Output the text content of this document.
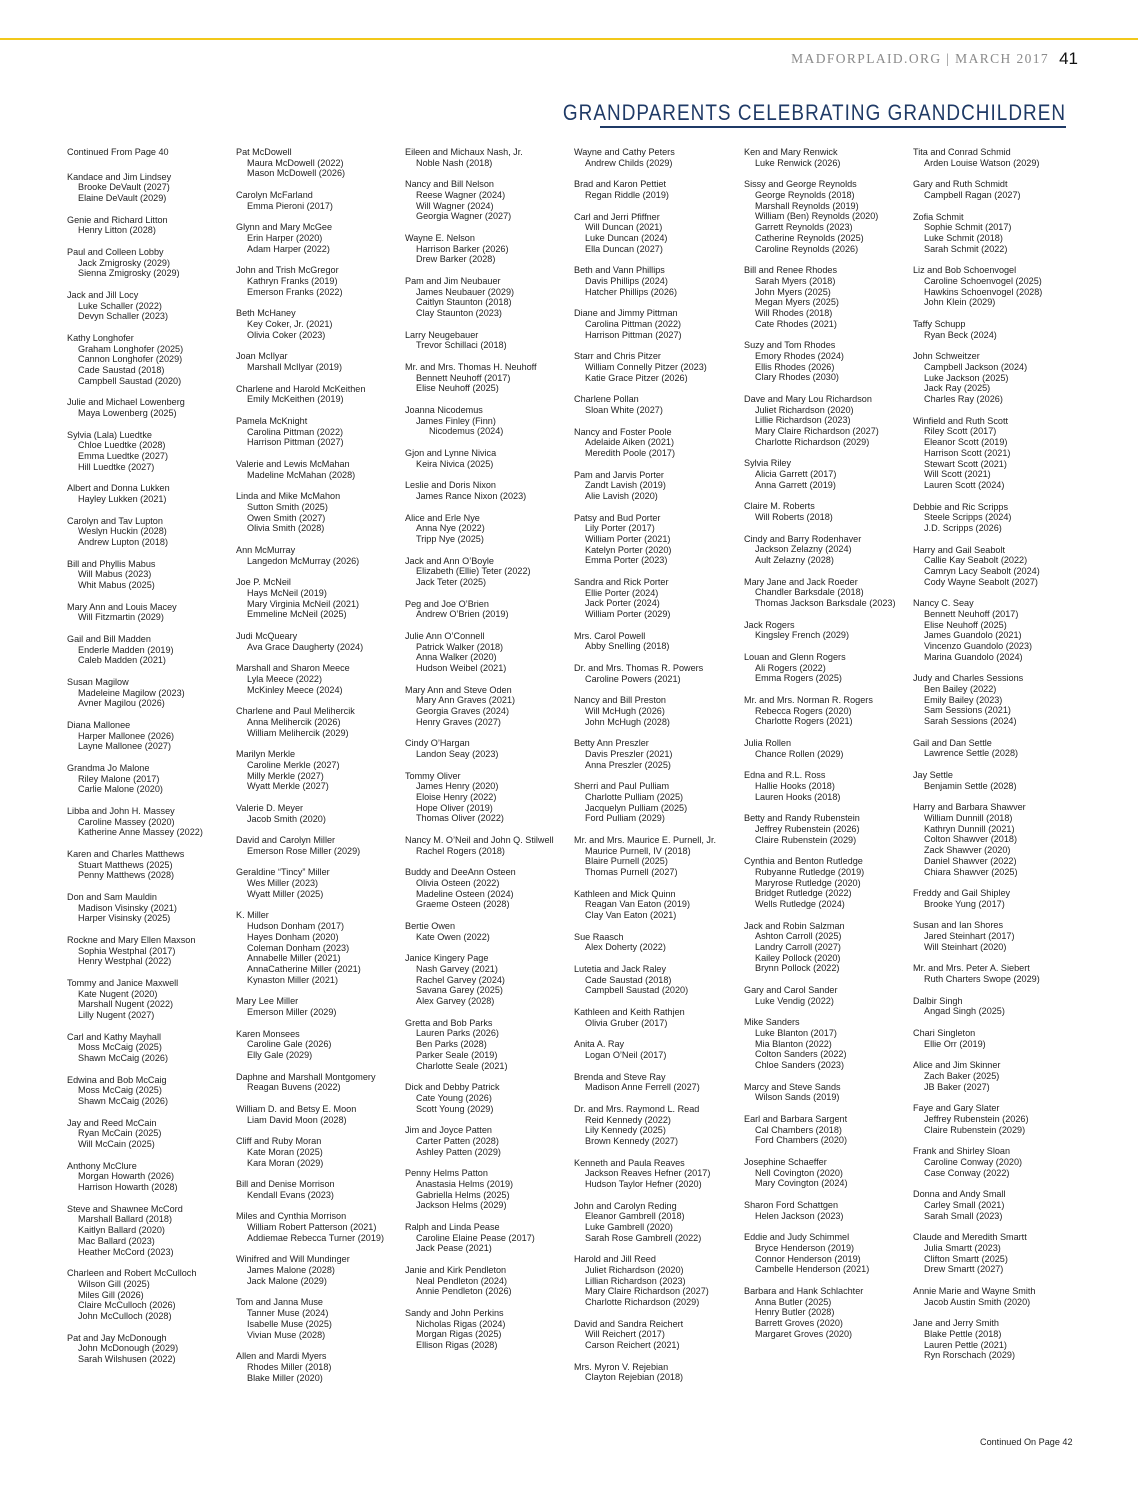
MADFORPLAID.ORG | MARCH 2017 41
GRANDPARENTS CELEBRATING GRANDCHILDREN
Continued From Page 40
Kandace and Jim Lindsey
Brooke DeVault (2027)
Elaine DeVault (2029)
Genie and Richard Litton
Henry Litton (2028)
Paul and Colleen Lobby
Jack Zmigrosky (2029)
Sienna Zmigrosky (2029)
Jack and Jill Locy
Luke Schaller (2022)
Devyn Schaller (2023)
Kathy Longhofer
Graham Longhofer (2025)
Cannon Longhofer (2029)
Cade Saustad (2018)
Campbell Saustad (2020)
Julie and Michael Lowenberg
Maya Lowenberg (2025)
Sylvia (Lala) Luedtke
Chloe Luedtke (2028)
Emma Luedtke (2027)
Hill Luedtke (2027)
Albert and Donna Lukken
Hayley Lukken (2021)
Carolyn and Tav Lupton
Weslyn Huckin (2028)
Andrew Lupton (2018)
Bill and Phyllis Mabus
Will Mabus (2023)
Whit Mabus (2025)
Mary Ann and Louis Macey
Will Fitzmartin (2029)
Gail and Bill Madden
Enderle Madden (2019)
Caleb Madden (2021)
Susan Magilow
Madeleine Magilow (2023)
Avner Magilou (2026)
Diana Mallonee
Harper Mallonee (2026)
Layne Mallonee (2027)
Grandma Jo Malone
Riley Malone (2017)
Carlie Malone (2020)
Libba and John H. Massey
Caroline Massey (2020)
Katherine Anne Massey (2022)
Karen and Charles Matthews
Stuart Matthews (2025)
Penny Matthews (2028)
Don and Sam Mauldin
Madison Visinsky (2021)
Harper Visinsky (2025)
Rockne and Mary Ellen Maxson
Sophia Westphal (2017)
Henry Westphal (2022)
Tommy and Janice Maxwell
Kate Nugent (2020)
Marshall Nugent (2022)
Lilly Nugent (2027)
Carl and Kathy Mayhall
Moss McCaig (2025)
Shawn McCaig (2026)
Edwina and Bob McCaig
Moss McCaig (2025)
Shawn McCaig (2026)
Jay and Reed McCain
Ryan McCain (2025)
Will McCain (2025)
Anthony McClure
Morgan Howarth (2026)
Harrison Howarth (2028)
Steve and Shawnee McCord
Marshall Ballard (2018)
Kaitlyn Ballard (2020)
Mac Ballard (2023)
Heather McCord (2023)
Charleen and Robert McCulloch
Wilson Gill (2025)
Miles Gill (2026)
Claire McCulloch (2026)
John McCulloch (2028)
Pat and Jay McDonough
John McDonough (2029)
Sarah Wilshusen (2022)
Pat McDowell
Maura McDowell (2022)
Mason McDowell (2026)
Carolyn McFarland
Emma Pieroni (2017)
Glynn and Mary McGee
Erin Harper (2020)
Adam Harper (2022)
John and Trish McGregor
Kathryn Franks (2019)
Emerson Franks (2022)
Beth McHaney
Key Coker, Jr. (2021)
Olivia Coker (2023)
Joan McIlyar
Marshall McIlyar (2019)
Charlene and Harold McKeithen
Emily McKeithen (2019)
Pamela McKnight
Carolina Pittman (2022)
Harrison Pittman (2027)
Valerie and Lewis McMahan
Madeline McMahan (2028)
Linda and Mike McMahon
Sutton Smith (2025)
Owen Smith (2027)
Olivia Smith (2028)
Ann McMurray
Langedon McMurray (2026)
Joe P. McNeil
Hays McNeil (2019)
Mary Virginia McNeil (2021)
Emmeline McNeil (2025)
Judi McQueary
Ava Grace Daugherty (2024)
Marshall and Sharon Meece
Lyla Meece (2022)
McKinley Meece (2024)
Charlene and Paul Melihercik
Anna Melihercik (2026)
William Melihercik (2029)
Marilyn Merkle
Caroline Merkle (2027)
Milly Merkle (2027)
Wyatt Merkle (2027)
Valerie D. Meyer
Jacob Smith (2020)
David and Carolyn Miller
Emerson Rose Miller (2029)
Geraldine “Tincy” Miller
Wes Miller (2023)
Wyatt Miller (2025)
K. Miller
Hudson Donham (2017)
Hayes Donham (2020)
Coleman Donham (2023)
Annabelle Miller (2021)
AnnaCatherine Miller (2021)
Kynaston Miller (2021)
Mary Lee Miller
Emerson Miller (2029)
Karen Monsees
Caroline Gale (2026)
Elly Gale (2029)
Daphne and Marshall Montgomery
Reagan Buvens (2022)
William D. and Betsy E. Moon
Liam David Moon (2028)
Cliff and Ruby Moran
Kate Moran (2025)
Kara Moran (2029)
Bill and Denise Morrison
Kendall Evans (2023)
Miles and Cynthia Morrison
William Robert Patterson (2021)
Addiemae Rebecca Turner (2019)
Winifred and Will Mundinger
James Malone (2028)
Jack Malone (2029)
Tom and Janna Muse
Tanner Muse (2024)
Isabelle Muse (2025)
Vivian Muse (2028)
Allen and Mardi Myers
Rhodes Miller (2018)
Blake Miller (2020)
Eileen and Michaux Nash, Jr.
Noble Nash (2018)
Nancy and Bill Nelson
Reese Wagner (2024)
Will Wagner (2024)
Georgia Wagner (2027)
Wayne E. Nelson
Harrison Barker (2026)
Drew Barker (2028)
Pam and Jim Neubauer
James Neubauer (2029)
Caitlyn Staunton (2018)
Clay Staunton (2023)
Larry Neugebauer
Trevor Schillaci (2018)
Mr. and Mrs. Thomas H. Neuhoff
Bennett Neuhoff (2017)
Elise Neuhoff (2025)
Joanna Nicodemus
James Finley (Finn)
Nicodemus (2024)
Gjon and Lynne Nivica
Keira Nivica (2025)
Leslie and Doris Nixon
James Rance Nixon (2023)
Alice and Erle Nye
Anna Nye (2022)
Tripp Nye (2025)
Jack and Ann O’Boyle
Elizabeth (Ellie) Teter (2022)
Jack Teter (2025)
Peg and Joe O’Brien
Andrew O’Brien (2019)
Julie Ann O’Connell
Patrick Walker (2018)
Anna Walker (2020)
Hudson Weibel (2021)
Mary Ann and Steve Oden
Mary Ann Graves (2021)
Georgia Graves (2024)
Henry Graves (2027)
Cindy O’Hargan
Landon Seay (2023)
Tommy Oliver
James Henry (2020)
Eloise Henry (2022)
Hope Oliver (2019)
Thomas Oliver (2022)
Nancy M. O’Neil and John Q. Stilwell
Rachel Rogers (2018)
Buddy and DeeAnn Osteen
Olivia Osteen (2022)
Madeline Osteen (2024)
Graeme Osteen (2028)
Bertie Owen
Kate Owen (2022)
Janice Kingery Page
Nash Garvey (2021)
Rachel Garvey (2024)
Savana Garey (2025)
Alex Garvey (2028)
Gretta and Bob Parks
Lauren Parks (2026)
Ben Parks (2028)
Parker Seale (2019)
Charlotte Seale (2021)
Dick and Debby Patrick
Cate Young (2026)
Scott Young (2029)
Jim and Joyce Patten
Carter Patten (2028)
Ashley Patten (2029)
Penny Helms Patton
Anastasia Helms (2019)
Gabriella Helms (2025)
Jackson Helms (2029)
Ralph and Linda Pease
Caroline Elaine Pease (2017)
Jack Pease (2021)
Janie and Kirk Pendleton
Neal Pendleton (2024)
Annie Pendleton (2026)
Sandy and John Perkins
Nicholas Rigas (2024)
Morgan Rigas (2025)
Ellison Rigas (2028)
Wayne and Cathy Peters
Andrew Childs (2029)
Brad and Karon Pettiet
Regan Riddle (2019)
Carl and Jerri Pfiffner
Will Duncan (2021)
Luke Duncan (2024)
Ella Duncan (2027)
Beth and Vann Phillips
Davis Phillips (2024)
Hatcher Phillips (2026)
Diane and Jimmy Pittman
Carolina Pittman (2022)
Harrison Pittman (2027)
Starr and Chris Pitzer
William Connelly Pitzer (2023)
Katie Grace Pitzer (2026)
Charlene Pollan
Sloan White (2027)
Nancy and Foster Poole
Adelaide Aiken (2021)
Meredith Poole (2017)
Pam and Jarvis Porter
Zandt Lavish (2019)
Alie Lavish (2020)
Patsy and Bud Porter
Lily Porter (2017)
William Porter (2021)
Katelyn Porter (2020)
Emma Porter (2023)
Sandra and Rick Porter
Ellie Porter (2024)
Jack Porter (2024)
William Porter (2029)
Mrs. Carol Powell
Abby Snelling (2018)
Dr. and Mrs. Thomas R. Powers
Caroline Powers (2021)
Nancy and Bill Preston
Will McHugh (2026)
John McHugh (2028)
Betty Ann Preszler
Davis Preszler (2021)
Anna Preszler (2025)
Sherri and Paul Pulliam
Charlotte Pulliam (2025)
Jacquelyn Pulliam (2025)
Ford Pulliam (2029)
Mr. and Mrs. Maurice E. Purnell, Jr.
Maurice Purnell, IV (2018)
Blaire Purnell (2025)
Thomas Purnell (2027)
Kathleen and Mick Quinn
Reagan Van Eaton (2019)
Clay Van Eaton (2021)
Sue Raasch
Alex Doherty (2022)
Lutetia and Jack Raley
Cade Saustad (2018)
Campbell Saustad (2020)
Kathleen and Keith Rathjen
Olivia Gruber (2017)
Anita A. Ray
Logan O’Neil (2017)
Brenda and Steve Ray
Madison Anne Ferrell (2027)
Dr. and Mrs. Raymond L. Read
Reid Kennedy (2022)
Lily Kennedy (2025)
Brown Kennedy (2027)
Kenneth and Paula Reaves
Jackson Reaves Hefner (2017)
Hudson Taylor Hefner (2020)
John and Carolyn Reding
Eleanor Gambrell (2018)
Luke Gambrell (2020)
Sarah Rose Gambrell (2022)
Harold and Jill Reed
Juliet Richardson (2020)
Lillian Richardson (2023)
Mary Claire Richardson (2027)
Charlotte Richardson (2029)
David and Sandra Reichert
Will Reichert (2017)
Carson Reichert (2021)
Mrs. Myron V. Rejebian
Clayton Rejebian (2018)
Ken and Mary Renwick
Luke Renwick (2026)
Sissy and George Reynolds
George Reynolds (2018)
Marshall Reynolds (2019)
William (Ben) Reynolds (2020)
Garrett Reynolds (2023)
Catherine Reynolds (2025)
Caroline Reynolds (2026)
Bill and Renee Rhodes
Sarah Myers (2018)
John Myers (2025)
Megan Myers (2025)
Will Rhodes (2018)
Cate Rhodes (2021)
Suzy and Tom Rhodes
Emory Rhodes (2024)
Ellis Rhodes (2026)
Clary Rhodes (2030)
Dave and Mary Lou Richardson
Juliet Richardson (2020)
Lillie Richardson (2023)
Mary Claire Richardson (2027)
Charlotte Richardson (2029)
Sylvia Riley
Alicia Garrett (2017)
Anna Garrett (2019)
Claire M. Roberts
Will Roberts (2018)
Cindy and Barry Rodenhaver
Jackson Zelazny (2024)
Ault Zelazny (2028)
Mary Jane and Jack Roeder
Chandler Barksdale (2018)
Thomas Jackson Barksdale (2023)
Jack Rogers
Kingsley French (2029)
Louan and Glenn Rogers
Ali Rogers (2022)
Emma Rogers (2025)
Mr. and Mrs. Norman R. Rogers
Rebecca Rogers (2020)
Charlotte Rogers (2021)
Julia Rollen
Chance Rollen (2029)
Edna and R.L. Ross
Hallie Hooks (2018)
Lauren Hooks (2018)
Betty and Randy Rubenstein
Jeffrey Rubenstein (2026)
Claire Rubenstein (2029)
Cynthia and Benton Rutledge
Rubyanne Rutledge (2019)
Maryrose Rutledge (2020)
Bridget Rutledge (2022)
Wells Rutledge (2024)
Jack and Robin Salzman
Ashton Carroll (2025)
Landry Carroll (2027)
Kailey Pollock (2020)
Brynn Pollock (2022)
Gary and Carol Sander
Luke Vendig (2022)
Mike Sanders
Luke Blanton (2017)
Mia Blanton (2022)
Colton Sanders (2022)
Chloe Sanders (2023)
Marcy and Steve Sands
Wilson Sands (2019)
Earl and Barbara Sargent
Cal Chambers (2018)
Ford Chambers (2020)
Josephine Schaeffer
Nell Covington (2020)
Mary Covington (2024)
Sharon Ford Schattgen
Helen Jackson (2023)
Eddie and Judy Schimmel
Bryce Henderson (2019)
Connor Henderson (2019)
Cambelle Henderson (2021)
Barbara and Hank Schlachter
Anna Butler (2025)
Henry Butler (2028)
Barrett Groves (2020)
Margaret Groves (2020)
Tita and Conrad Schmid
Arden Louise Watson (2029)
Gary and Ruth Schmidt
Campbell Ragan (2027)
Zofia Schmit
Sophie Schmit (2017)
Luke Schmit (2018)
Sarah Schmit (2022)
Liz and Bob Schoenvogel
Caroline Schoenvogel (2025)
Hawkins Schoenvogel (2028)
John Klein (2029)
Taffy Schupp
Ryan Beck (2024)
John Schweitzer
Campbell Jackson (2024)
Luke Jackson (2025)
Jack Ray (2025)
Charles Ray (2026)
Winfield and Ruth Scott
Riley Scott (2017)
Eleanor Scott (2019)
Harrison Scott (2021)
Stewart Scott (2021)
Will Scott (2021)
Lauren Scott (2024)
Debbie and Ric Scripps
Steele Scripps (2024)
J.D. Scripps (2026)
Harry and Gail Seabolt
Callie Kay Seabolt (2022)
Camryn Lacy Seabolt (2024)
Cody Wayne Seabolt (2027)
Nancy C. Seay
Bennett Neuhoff (2017)
Elise Neuhoff (2025)
James Guandolo (2021)
Vincenzo Guandolo (2023)
Marina Guandolo (2024)
Judy and Charles Sessions
Ben Bailey (2022)
Emily Bailey (2023)
Sam Sessions (2021)
Sarah Sessions (2024)
Gail and Dan Settle
Lawrence Settle (2028)
Jay Settle
Benjamin Settle (2028)
Harry and Barbara Shawver
William Dunnill (2018)
Kathryn Dunnill (2021)
Colton Shawver (2018)
Zack Shawver (2020)
Daniel Shawver (2022)
Chiara Shawver (2025)
Freddy and Gail Shipley
Brooke Yung (2017)
Susan and Ian Shores
Jared Steinhart (2017)
Will Steinhart (2020)
Mr. and Mrs. Peter A. Siebert
Ruth Charters Swope (2029)
Dalbir Singh
Angad Singh (2025)
Chari Singleton
Ellie Orr (2019)
Alice and Jim Skinner
Zach Baker (2025)
JB Baker (2027)
Faye and Gary Slater
Jeffrey Rubenstein (2026)
Claire Rubenstein (2029)
Frank and Shirley Sloan
Caroline Conway (2020)
Case Conway (2022)
Donna and Andy Small
Carley Small (2021)
Sarah Small (2023)
Claude and Meredith Smartt
Julia Smartt (2023)
Clifton Smartt (2025)
Drew Smartt (2027)
Annie Marie and Wayne Smith
Jacob Austin Smith (2020)
Jane and Jerry Smith
Blake Pettle (2018)
Lauren Pettle (2021)
Ryn Rorschach (2029)
Continued On Page 42
